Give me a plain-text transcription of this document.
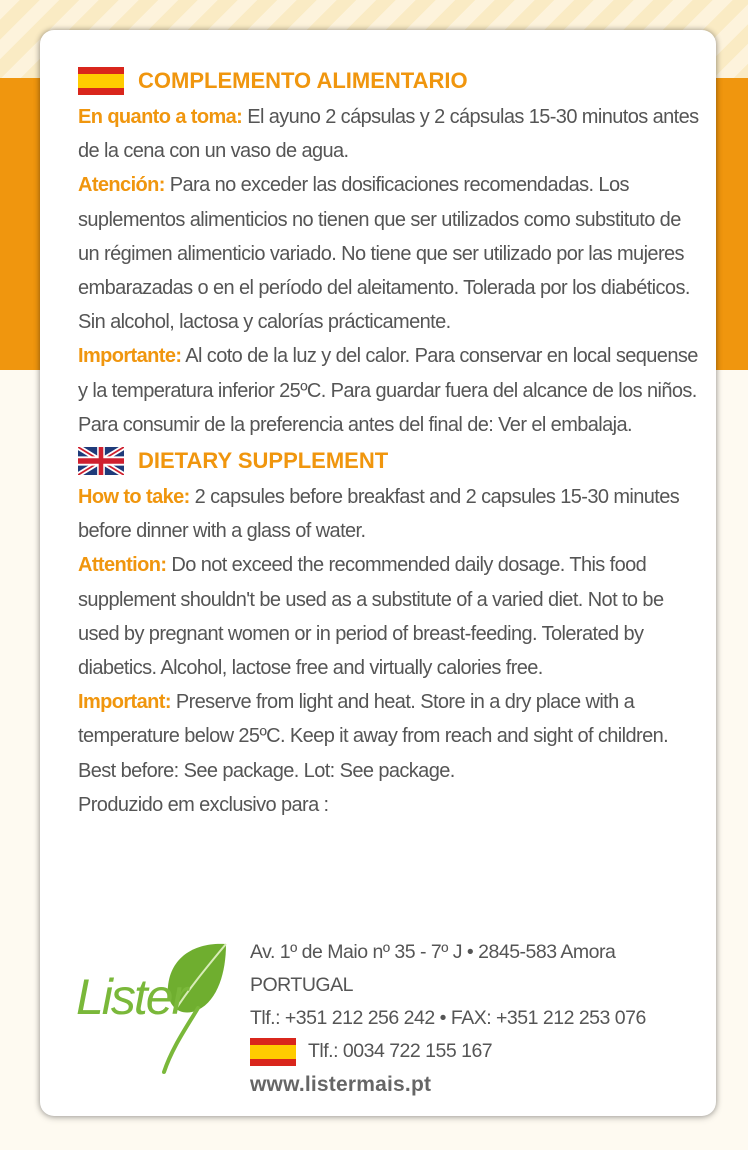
COMPLEMENTO ALIMENTARIO

En quanto a toma: El ayuno 2 cápsulas y 2 cápsulas 15-30 minutos antes de la cena con un vaso de agua.

Atención: Para no exceder las dosificaciones recomendadas. Los suplementos alimenticios no tienen que ser utilizados como substituto de un régimen alimenticio variado. No tiene que ser utilizado por las mujeres embarazadas o en el período del aleitamento. Tolerada por los diabéticos. Sin alcohol, lactosa y calorías prácticamente.

Importante: Al coto de la luz y del calor. Para conservar en local sequense y la temperatura inferior 25ºC. Para guardar fuera del alcance de los niños. Para consumir de la preferencia antes del final de: Ver el embalaja.

DIETARY SUPPLEMENT

How to take: 2 capsules before breakfast and 2 capsules 15-30 minutes before dinner with a glass of water.

Attention: Do not exceed the recommended daily dosage. This food supplement shouldn't be used as a substitute of a varied diet. Not to be used by pregnant women or in period of breast-feeding. Tolerated by diabetics. Alcohol, lactose free and virtually calories free.

Important: Preserve from light and heat. Store in a dry place with a temperature below 25ºC. Keep it away from reach and sight of children. Best before: See package. Lot: See package.

Produzido em exclusivo para :

Lister
Av. 1º de Maio nº 35 - 7º J • 2845-583 Amora
PORTUGAL
Tlf.: +351 212 256 242 • FAX: +351 212 253 076
Tlf.: 0034 722 155 167
www.listermais.pt
